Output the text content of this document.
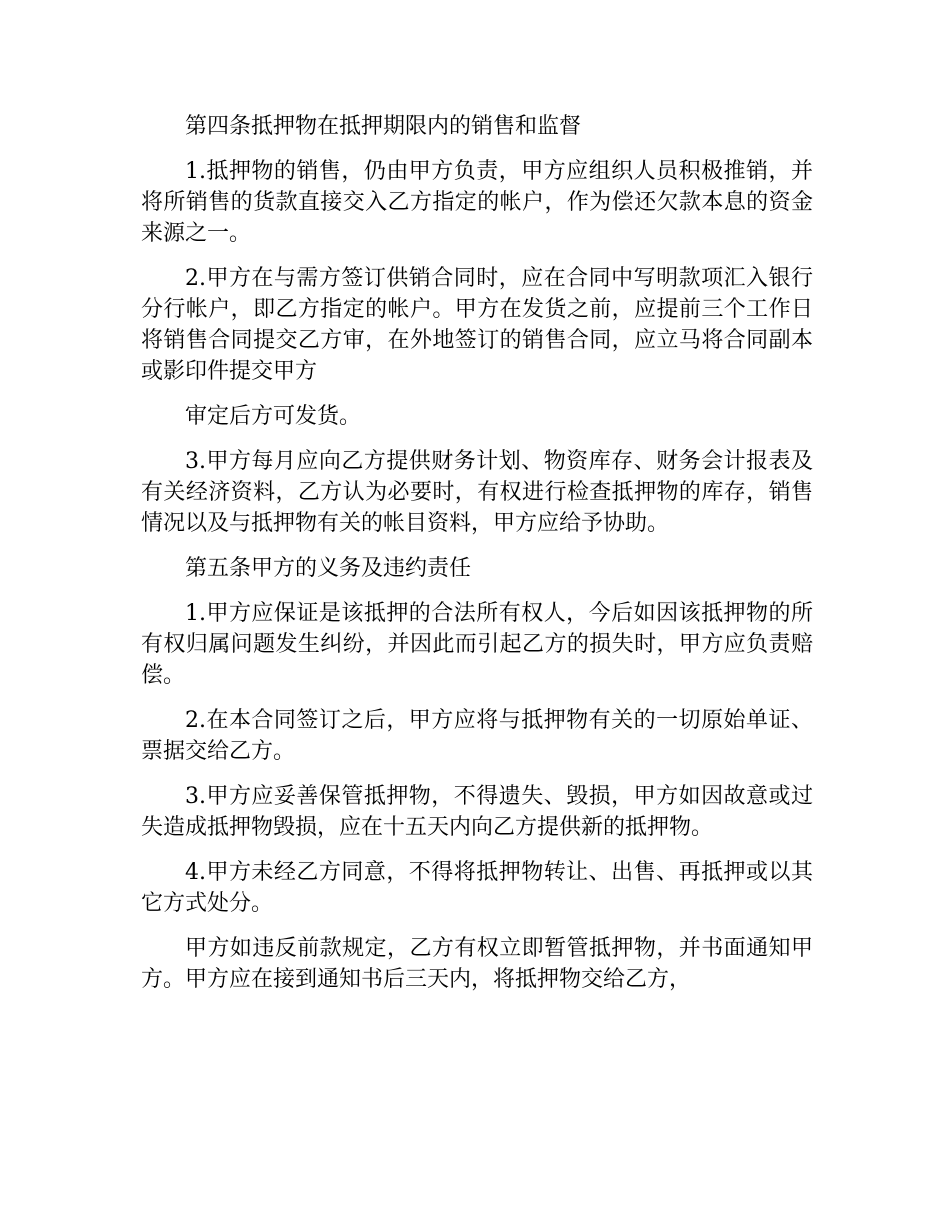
第四条抵押物在抵押期限内的销售和监督

1.抵押物的销售，仍由甲方负责，甲方应组织人员积极推销，并将所销售的货款直接交入乙方指定的帐户，作为偿还欠款本息的资金来源之一。

2.甲方在与需方签订供销合同时，应在合同中写明款项汇入银行分行帐户，即乙方指定的帐户。甲方在发货之前，应提前三个工作日将销售合同提交乙方审，在外地签订的销售合同，应立马将合同副本或影印件提交甲方

审定后方可发货。

3.甲方每月应向乙方提供财务计划、物资库存、财务会计报表及有关经济资料，乙方认为必要时，有权进行检查抵押物的库存，销售情况以及与抵押物有关的帐目资料，甲方应给予协助。

第五条甲方的义务及违约责任

1.甲方应保证是该抵押的合法所有权人，今后如因该抵押物的所有权归属问题发生纠纷，并因此而引起乙方的损失时，甲方应负责赔偿。

2.在本合同签订之后，甲方应将与抵押物有关的一切原始单证、票据交给乙方。

3.甲方应妥善保管抵押物，不得遗失、毁损，甲方如因故意或过失造成抵押物毁损，应在十五天内向乙方提供新的抵押物。

4.甲方未经乙方同意，不得将抵押物转让、出售、再抵押或以其它方式处分。

甲方如违反前款规定，乙方有权立即暂管抵押物，并书面通知甲方。甲方应在接到通知书后三天内，将抵押物交给乙方，
